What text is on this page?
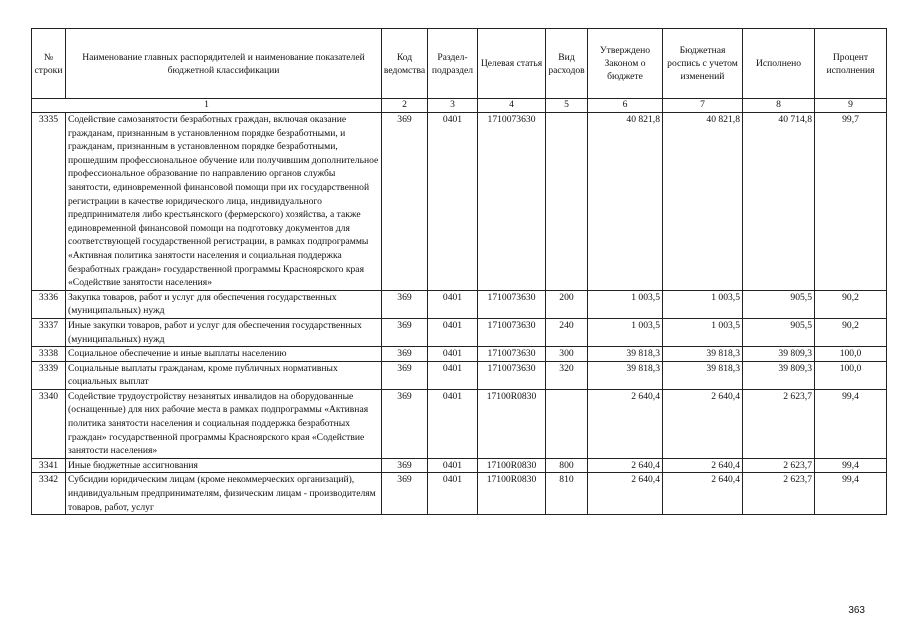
№ строки	Наименование главных распорядителей и наименование показателей бюджетной классификации	Код ведомства	Раздел-подраздел	Целевая статья	Вид расходов	Утверждено Законом о бюджете	Бюджетная роспись с учетом изменений	Исполнено	Процент исполнения
1		2	3	4	5	6	7	8	9
3335	Содействие самозанятости безработных граждан, включая оказание гражданам, признанным в установленном порядке безработными, и гражданам, признанным в установленном порядке безработными, прошедшим профессиональное обучение или получившим дополнительное профессиональное образование по направлению органов службы занятости, единовременной финансовой помощи при их государственной регистрации в качестве юридического лица, индивидуального предпринимателя либо крестьянского (фермерского) хозяйства, а также единовременной финансовой помощи на подготовку документов для соответствующей государственной регистрации, в рамках подпрограммы «Активная политика занятости населения и социальная поддержка безработных граждан» государственной программы Красноярского края «Содействие занятости населения»	369	0401	1710073630		40 821,8	40 821,8	40 714,8	99,7
3336	Закупка товаров, работ и услуг для обеспечения государственных (муниципальных) нужд	369	0401	1710073630	200	1 003,5	1 003,5	905,5	90,2
3337	Иные закупки товаров, работ и услуг для обеспечения государственных (муниципальных) нужд	369	0401	1710073630	240	1 003,5	1 003,5	905,5	90,2
3338	Социальное обеспечение и иные выплаты населению	369	0401	1710073630	300	39 818,3	39 818,3	39 809,3	100,0
3339	Социальные выплаты гражданам, кроме публичных нормативных социальных выплат	369	0401	1710073630	320	39 818,3	39 818,3	39 809,3	100,0
3340	Содействие трудоустройству незанятых инвалидов на оборудованные (оснащенные) для них рабочие места в рамках подпрограммы «Активная политика занятости населения и социальная поддержка безработных граждан» государственной программы Красноярского края «Содействие занятости населения»	369	0401	17100R0830		2 640,4	2 640,4	2 623,7	99,4
3341	Иные бюджетные ассигнования	369	0401	17100R0830	800	2 640,4	2 640,4	2 623,7	99,4
3342	Субсидии юридическим лицам (кроме некоммерческих организаций), индивидуальным предпринимателям, физическим лицам - производителям товаров, работ, услуг	369	0401	17100R0830	810	2 640,4	2 640,4	2 623,7	99,4
363
